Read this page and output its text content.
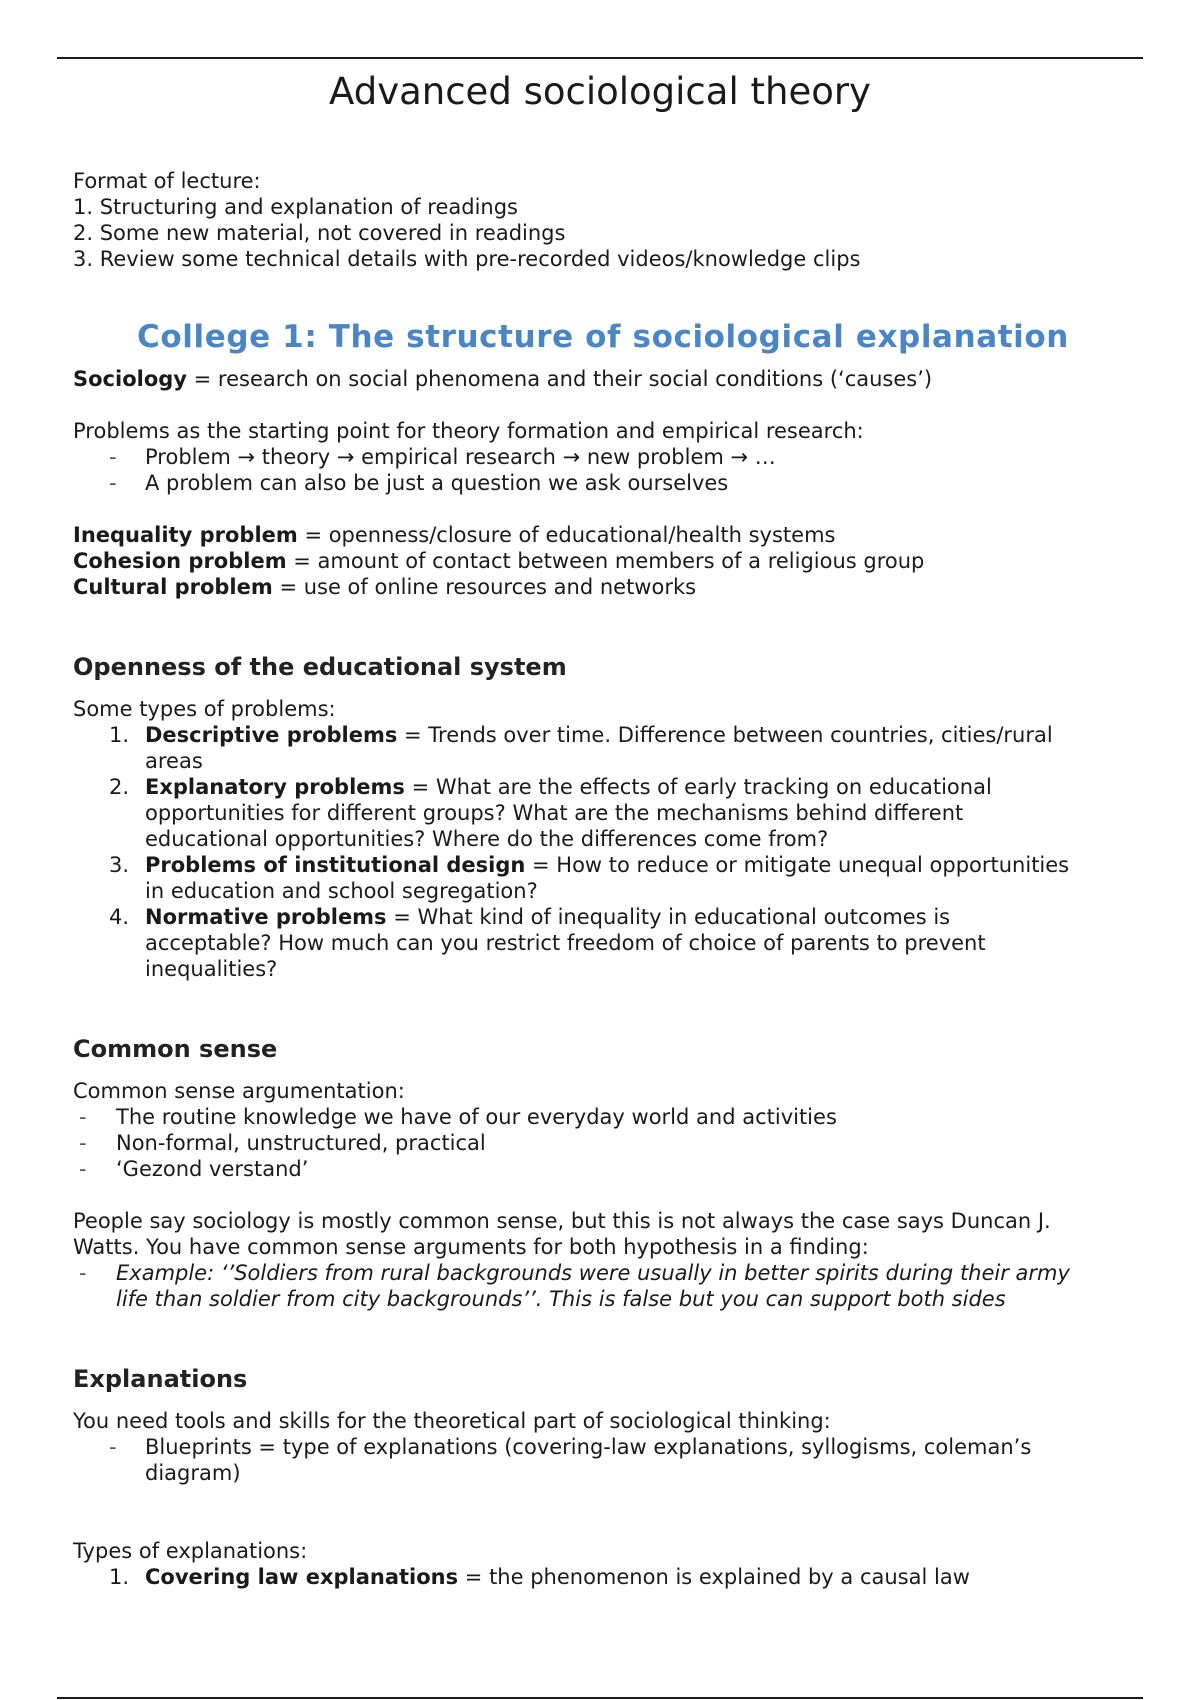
Advanced sociological theory

Format of lecture:

1. Structuring and explanation of readings

2. Some new material, not covered in readings

3. Review some technical details with pre-recorded videos/knowledge clips

College 1: The structure of sociological explanation

Sociology = research on social phenomena and their social conditions (‘causes’)

Problems as the starting point for theory formation and empirical research:

- Problem → theory → empirical research → new problem → …
- A problem can also be just a question we ask ourselves

Inequality problem = openness/closure of educational/health systems

Cohesion problem = amount of contact between members of a religious group

Cultural problem = use of online resources and networks

Openness of the educational system

Some types of problems:

1. Descriptive problems = Trends over time. Difference between countries, cities/rural
areas
2. Explanatory problems = What are the effects of early tracking on educational
opportunities for different groups? What are the mechanisms behind different
educational opportunities? Where do the differences come from?
3. Problems of institutional design = How to reduce or mitigate unequal opportunities
in education and school segregation?
4. Normative problems = What kind of inequality in educational outcomes is
acceptable? How much can you restrict freedom of choice of parents to prevent
inequalities?
Common sense

Common sense argumentation:

- The routine knowledge we have of our everyday world and activities
- Non-formal, unstructured, practical
- ‘Gezond verstand’

People say sociology is mostly common sense, but this is not always the case says Duncan J.

Watts. You have common sense arguments for both hypothesis in a finding:

- Example: ‘’Soldiers from rural backgrounds were usually in better spirits during their army
life than soldier from city backgrounds’’. This is false but you can support both sides
Explanations

You need tools and skills for the theoretical part of sociological thinking:

- Blueprints = type of explanations (covering-law explanations, syllogisms, coleman’s
diagram)

Types of explanations:

1. Covering law explanations = the phenomenon is explained by a causal law
